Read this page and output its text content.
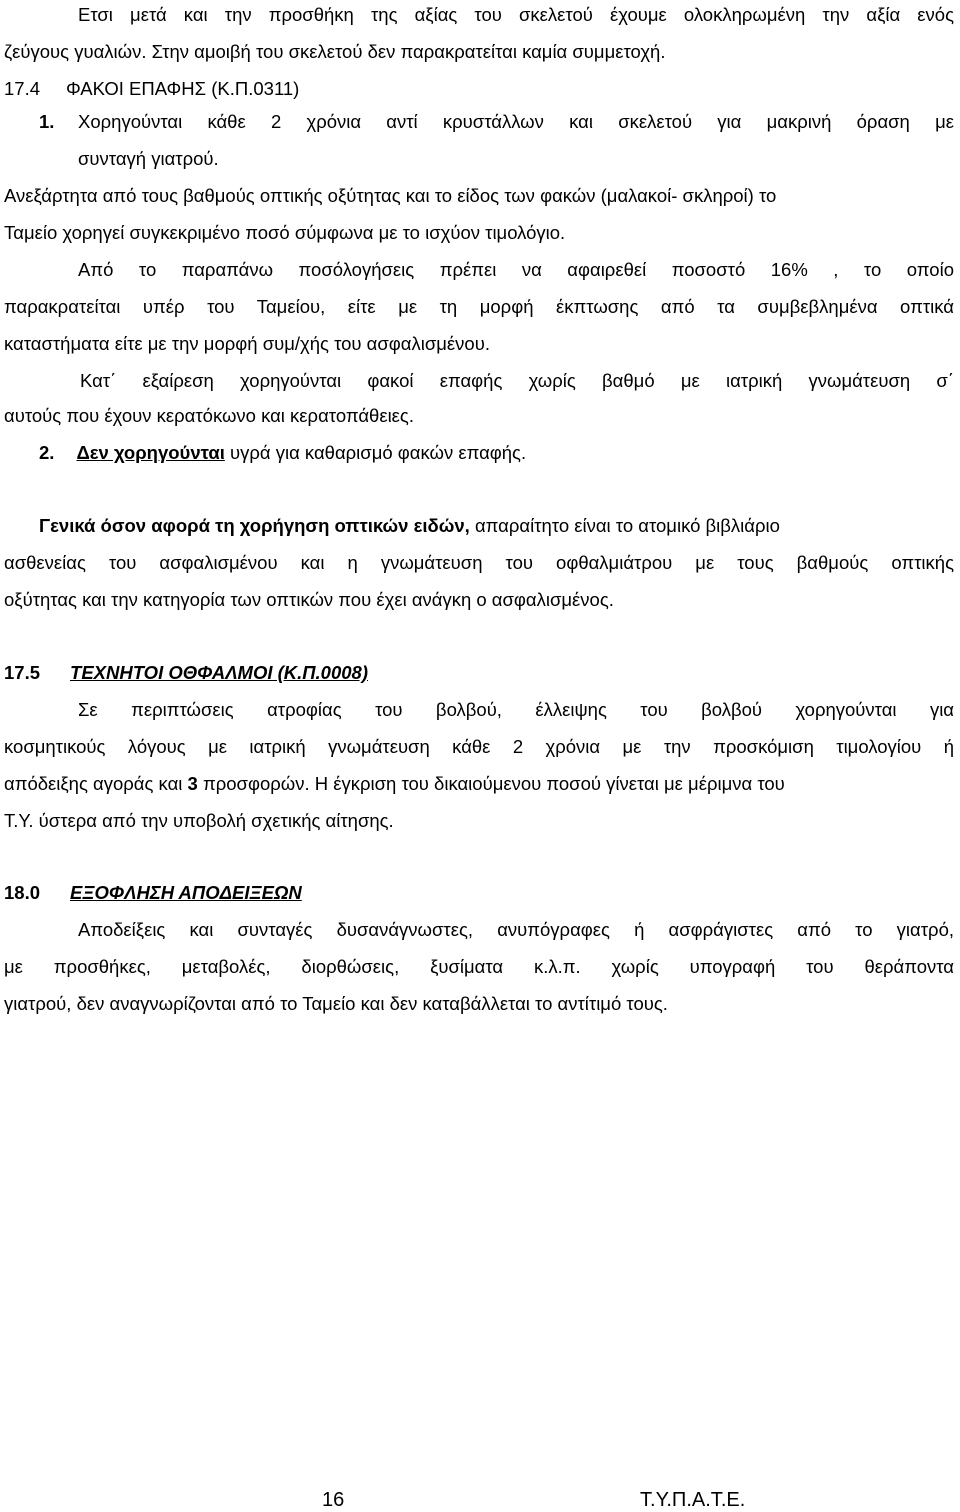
Ετσι μετά και την προσθήκη της αξίας του σκελετού έχουμε ολοκληρωμένη την αξία ενός
ζεύγους γυαλιών. Στην αμοιβή του σκελετού δεν παρακρατείται καμία συμμετοχή.
17.4 ΦΑΚΟΙ ΕΠΑΦΗΣ (Κ.Π.0311)
1. Χορηγούνται κάθε 2 χρόνια αντί κρυστάλλων και σκελετού για μακρινή όραση με
συνταγή γιατρού.
Ανεξάρτητα από τους βαθμούς οπτικής οξύτητας και το είδος των φακών (μαλακοί- σκληροί) το
Ταμείο χορηγεί συγκεκριμένο ποσό σύμφωνα με το ισχύον τιμολόγιο.
Από το παραπάνω ποσόλογήσεις πρέπει να αφαιρεθεί ποσοστό 16% , το οποίο
παρακρατείται υπέρ του Ταμείου, είτε με τη μορφή έκπτωσης από τα συμβεβλημένα οπτικά
καταστήματα είτε με την μορφή συμ/χής του ασφαλισμένου.
Κατ΄ εξαίρεση χορηγούνται φακοί επαφής χωρίς βαθμό με ιατρική γνωμάτευση σ΄
αυτούς που έχουν κερατόκωνο και κερατοπάθειες.
2. Δεν χορηγούνται υγρά για καθαρισμό φακών επαφής.
Γενικά όσον αφορά τη χορήγηση οπτικών ειδών, απαραίτητο είναι το ατομικό βιβλιάριο
ασθενείας του ασφαλισμένου και η γνωμάτευση του οφθαλμιάτρου με τους βαθμούς οπτικής
οξύτητας και την κατηγορία των οπτικών που έχει ανάγκη ο ασφαλισμένος.
17.5 ΤΕΧΝΗΤΟΙ ΟΘΦΑΛΜΟΙ (Κ.Π.0008)
Σε περιπτώσεις ατροφίας του βολβού, έλλειψης του βολβού χορηγούνται για
κοσμητικούς λόγους με ιατρική γνωμάτευση κάθε 2 χρόνια με την προσκόμιση τιμολογίου ή
απόδειξης αγοράς και 3 προσφορών. Η έγκριση του δικαιούμενου ποσού γίνεται με μέριμνα του
Τ.Υ. ύστερα από την υποβολή σχετικής αίτησης.
18.0 ΕΞΟΦΛΗΣΗ ΑΠΟΔΕΙΞΕΩΝ
Αποδείξεις και συνταγές δυσανάγνωστες, ανυπόγραφες ή ασφράγιστες από το γιατρό,
με προσθήκες, μεταβολές, διορθώσεις, ξυσίματα κ.λ.π. χωρίς υπογραφή του θεράποντα
γιατρού, δεν αναγνωρίζονται από το Ταμείο και δεν καταβάλλεται το αντίτιμό τους.
16	Τ.Υ.Π.Α.Τ.Ε.
